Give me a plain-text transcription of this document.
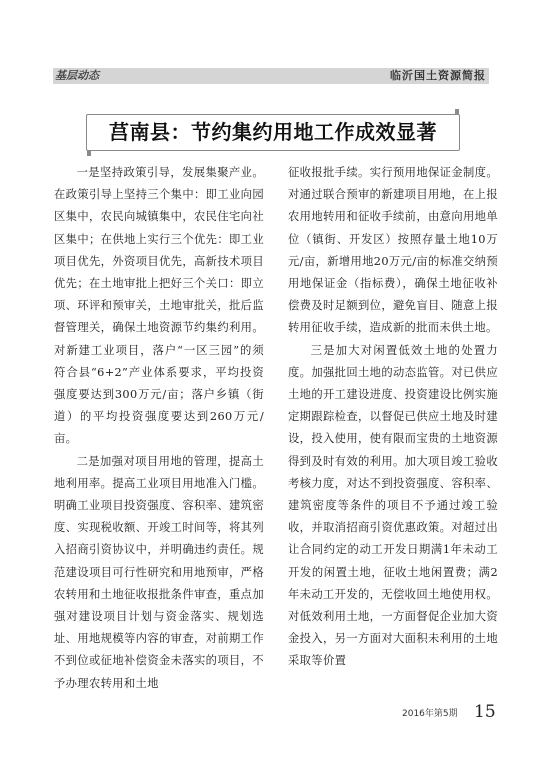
基层动态	临沂国土资源简报
莒南县：节约集约用地工作成效显著

一是坚持政策引导，发展集聚产业。在政策引导上坚持三个集中：即工业向园区集中，农民向城镇集中，农民住宅向社区集中；在供地上实行三个优先：即工业项目优先，外资项目优先，高新技术项目优先；在土地审批上把好三个关口：即立项、环评和预审关，土地审批关，批后监督管理关，确保土地资源节约集约利用。对新建工业项目，落户“一区三园”的须符合县“6+2”产业体系要求，平均投资强度要达到300万元/亩；落户乡镇（街道）的平均投资强度要达到260万元/亩。

二是加强对项目用地的管理，提高土地利用率。提高工业项目用地准入门槛。明确工业项目投资强度、容积率、建筑密度、实现税收额、开竣工时间等，将其列入招商引资协议中，并明确违约责任。规范建设项目可行性研究和用地预审，严格农转用和土地征收报批条件审查，重点加强对建设项目计划与资金落实、规划选址、用地规模等内容的审查，对前期工作不到位或征地补偿资金未落实的项目，不予办理农转用和土地

征收报批手续。实行预用地保证金制度。对通过联合预审的新建项目用地，在上报农用地转用和征收手续前，由意向用地单位（镇街、开发区）按照存量土地10万元/亩，新增用地20万元/亩的标准交纳预用地保证金（指标费），确保土地征收补偿费及时足额到位，避免盲目、随意上报转用征收手续，造成新的批而未供土地。

三是加大对闲置低效土地的处置力度。加强批回土地的动态监管。对已供应土地的开工建设进度、投资建设比例实施定期跟踪检查，以督促已供应土地及时建设，投入使用，使有限而宝贵的土地资源得到及时有效的利用。加大项目竣工验收考核力度，对达不到投资强度、容积率、建筑密度等条件的项目不予通过竣工验收，并取消招商引资优惠政策。对超过出让合同约定的动工开发日期满1年未动工开发的闲置土地，征收土地闲置费；满2年未动工开发的，无偿收回土地使用权。对低效利用土地，一方面督促企业加大资金投入，另一方面对大面积未利用的土地采取等价置

2016年第5期 15
